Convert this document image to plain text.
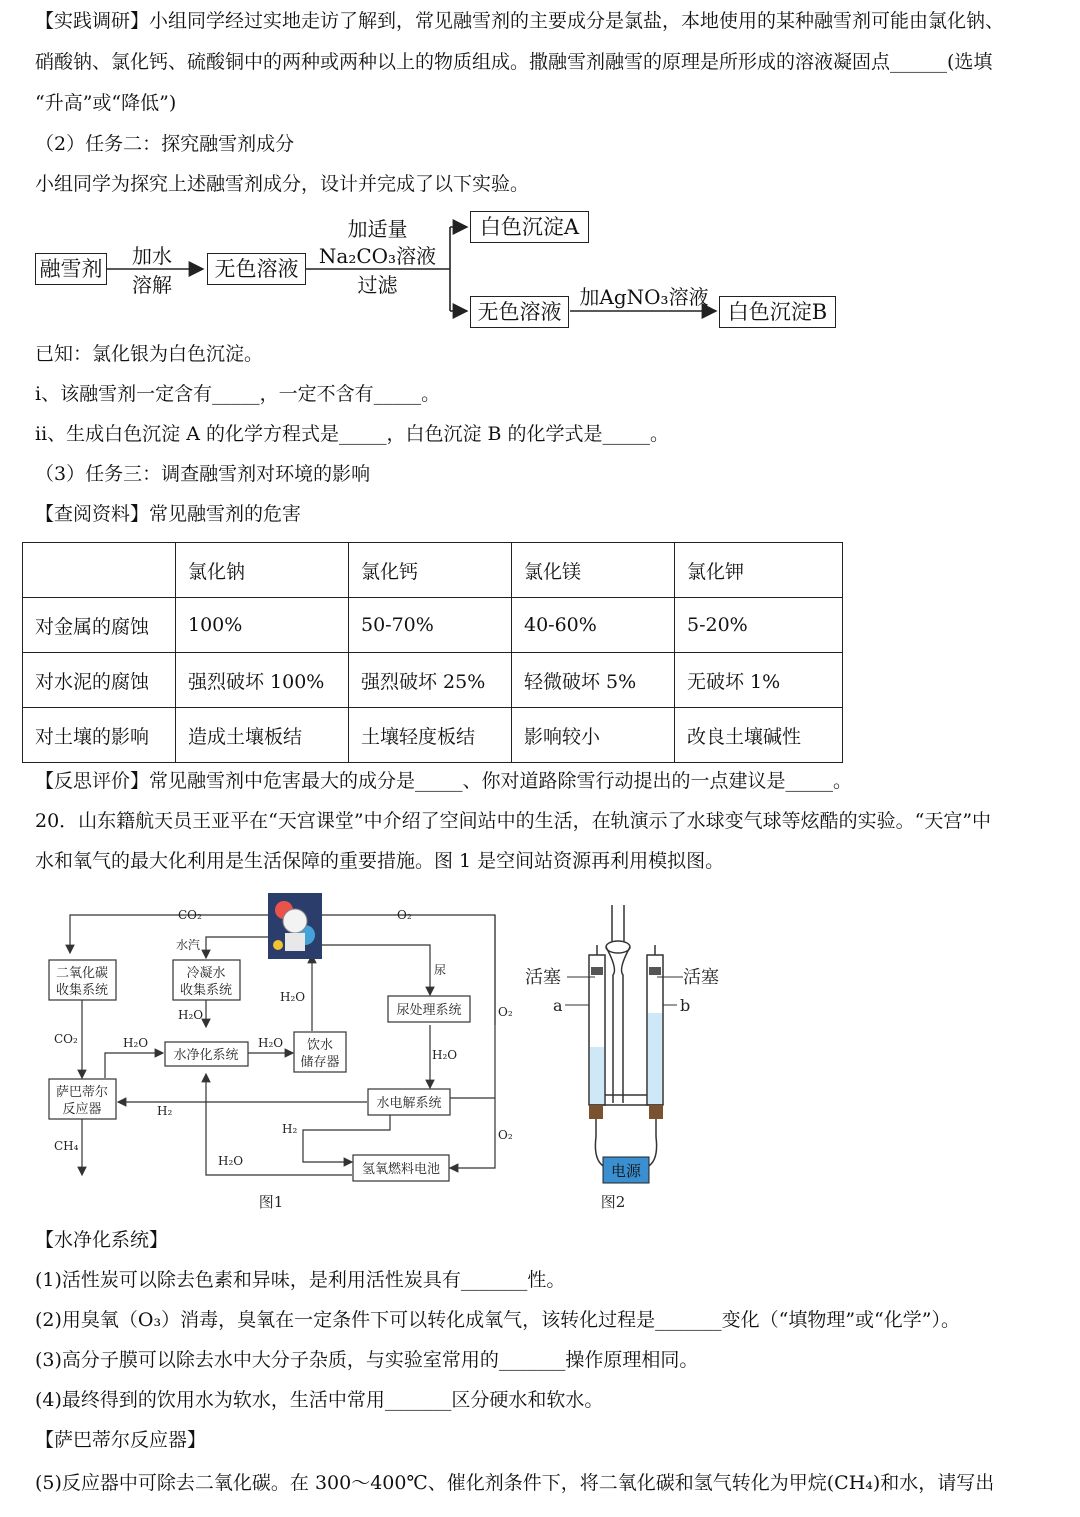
【实践调研】小组同学经过实地走访了解到，常见融雪剂的主要成分是氯盐，本地使用的某种融雪剂可能由氯化钠、
硝酸钠、氯化钙、硫酸铜中的两种或两种以上的物质组成。撒融雪剂融雪的原理是所形成的溶液凝固点______(选填
“升高”或“降低”)
（2）任务二：探究融雪剂成分
小组同学为探究上述融雪剂成分，设计并完成了以下实验。
融雪剂
加水
溶解
无色溶液
加适量
Na₂CO₃溶液
过滤
白色沉淀A
无色溶液
加AgNO₃溶液
白色沉淀B
已知：氯化银为白色沉淀。
i、该融雪剂一定含有_____，一定不含有_____。
ii、生成白色沉淀 A 的化学方程式是_____，白色沉淀 B 的化学式是_____。
（3）任务三：调查融雪剂对环境的影响
【查阅资料】常见融雪剂的危害
	氯化钠	氯化钙	氯化镁	氯化钾
对金属的腐蚀	100%	50-70%	40-60%	5-20%
对水泥的腐蚀	强烈破坏 100%	强烈破坏 25%	轻微破坏 5%	无破坏 1%
对土壤的影响	造成土壤板结	土壤轻度板结	影响较小	改良土壤碱性
【反思评价】常见融雪剂中危害最大的成分是_____、你对道路除雪行动提出的一点建议是_____。
20．山东籍航天员王亚平在“天宫课堂”中介绍了空间站中的生活，在轨演示了水球变气球等炫酷的实验。“天宫”中
水和氧气的最大化利用是生活保障的重要措施。图 1 是空间站资源再利用模拟图。
二氧化碳
收集系统
冷凝水
收集系统
萨巴蒂尔
反应器
水净化系统
饮水
储存器
尿处理系统
水电解系统
氢氧燃料电池
CO₂	O₂
水汽
尿
H₂O
H₂O
CO₂	H₂O	H₂O
H₂O
O₂
H₂
H₂
CH₄
H₂O
O₂
图1
电源
活塞	活塞
a	b
图2
【水净化系统】
(1)活性炭可以除去色素和异味，是利用活性炭具有_______性。
(2)用臭氧（O₃）消毒，臭氧在一定条件下可以转化成氧气，该转化过程是_______变化（“填物理”或“化学”）。
(3)高分子膜可以除去水中大分子杂质，与实验室常用的_______操作原理相同。
(4)最终得到的饮用水为软水，生活中常用_______区分硬水和软水。
【萨巴蒂尔反应器】
(5)反应器中可除去二氧化碳。在 300～400℃、催化剂条件下，将二氧化碳和氢气转化为甲烷(CH₄)和水，请写出
